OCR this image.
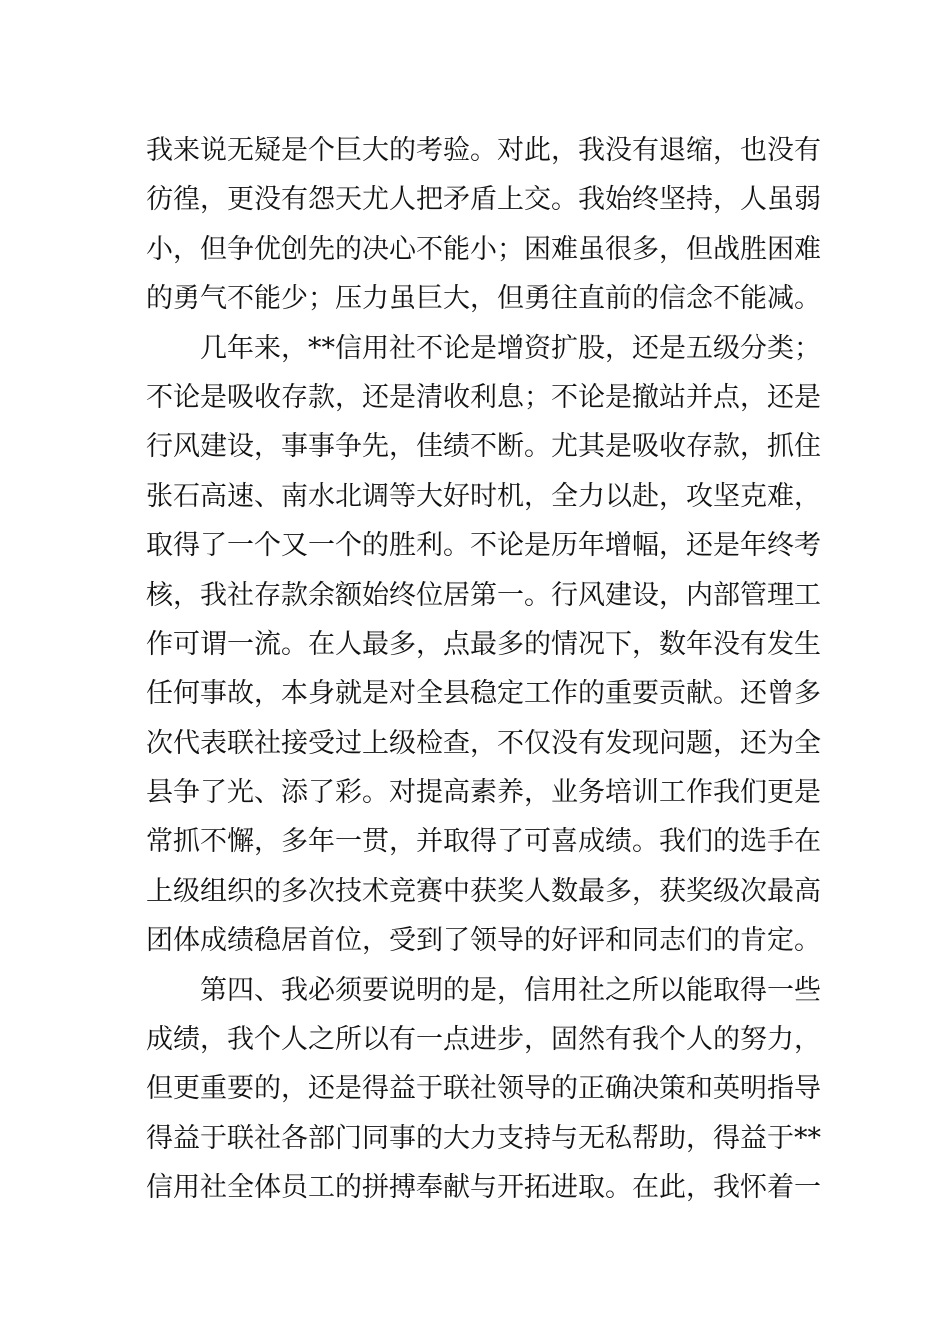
我来说无疑是个巨大的考验。对此，我没有退缩，也没有
彷徨，更没有怨天尤人把矛盾上交。我始终坚持，人虽弱
小，但争优创先的决心不能小；困难虽很多，但战胜困难
的勇气不能少；压力虽巨大，但勇往直前的信念不能减。
几年来，**信用社不论是增资扩股，还是五级分类；
不论是吸收存款，还是清收利息；不论是撤站并点，还是
行风建设，事事争先，佳绩不断。尤其是吸收存款，抓住
张石高速、南水北调等大好时机，全力以赴，攻坚克难，
取得了一个又一个的胜利。不论是历年增幅，还是年终考
核，我社存款余额始终位居第一。行风建设，内部管理工
作可谓一流。在人最多，点最多的情况下，数年没有发生
任何事故，本身就是对全县稳定工作的重要贡献。还曾多
次代表联社接受过上级检查，不仅没有发现问题，还为全
县争了光、添了彩。对提高素养，业务培训工作我们更是
常抓不懈，多年一贯，并取得了可喜成绩。我们的选手在
上级组织的多次技术竞赛中获奖人数最多，获奖级次最高
团体成绩稳居首位，受到了领导的好评和同志们的肯定。
第四、我必须要说明的是，信用社之所以能取得一些
成绩，我个人之所以有一点进步，固然有我个人的努力，
但更重要的，还是得益于联社领导的正确决策和英明指导
得益于联社各部门同事的大力支持与无私帮助，得益于**
信用社全体员工的拼搏奉献与开拓进取。在此，我怀着一
